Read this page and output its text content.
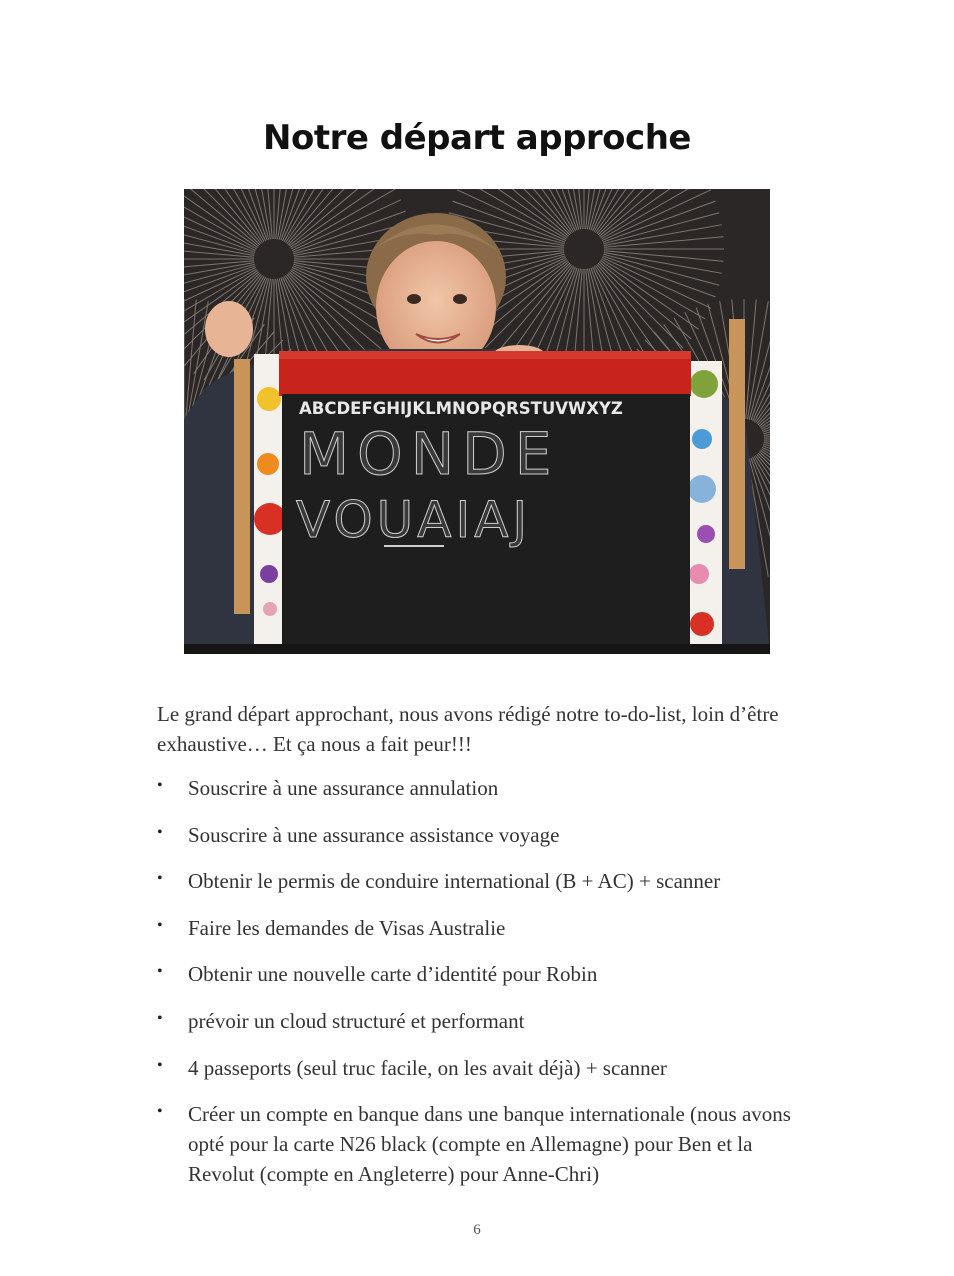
Notre départ approche
ABCDEFGHIJKLMNOPQRSTUVWXYZ
MONDE
VOUAIAJ

Le grand départ approchant, nous avons rédigé notre to-do-list, loin d’être exhaustive… Et ça nous a fait peur!!!

• Souscrire à une assurance annulation
• Souscrire à une assurance assistance voyage
• Obtenir le permis de conduire international (B + AC) + scanner
• Faire les demandes de Visas Australie
• Obtenir une nouvelle carte d’identité pour Robin
• prévoir un cloud structuré et performant
• 4 passeports (seul truc facile, on les avait déjà) + scanner
• Créer un compte en banque dans une banque internationale (nous avons opté pour la carte N26 black (compte en Allemagne) pour Ben et la Revolut (compte en Angleterre) pour Anne-Chri)
6
